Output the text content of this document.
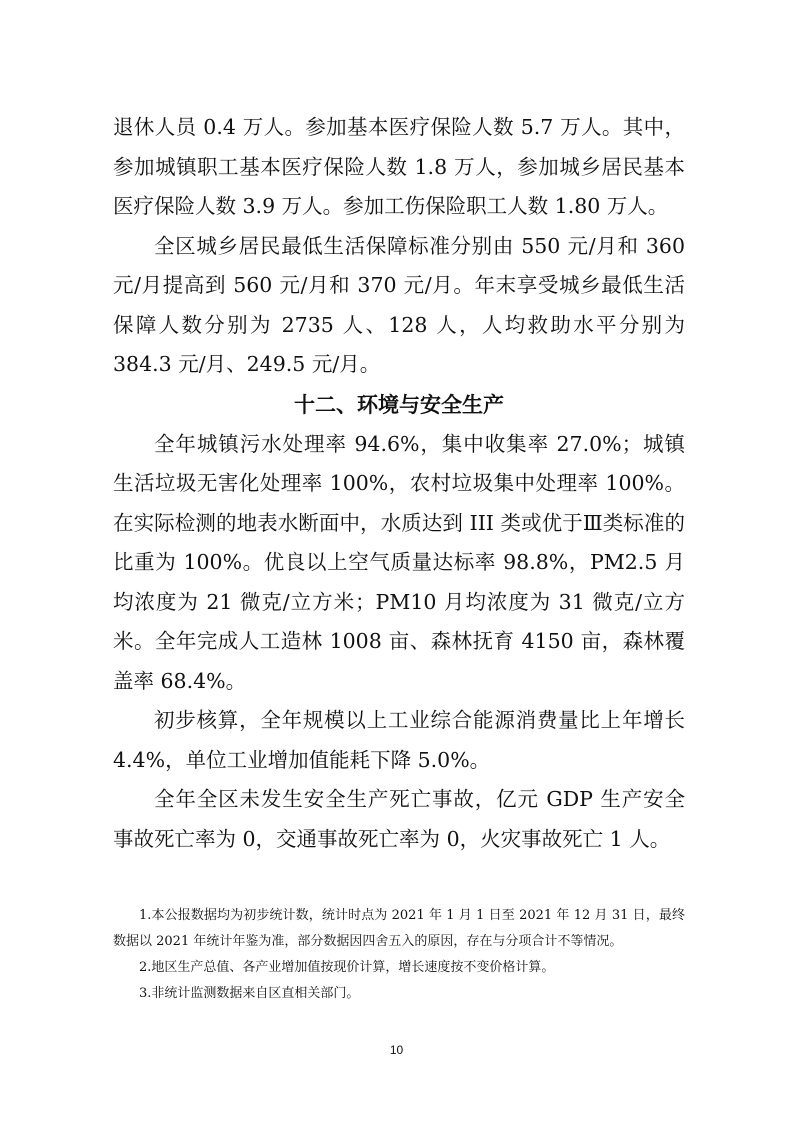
退休人员 0.4 万人。参加基本医疗保险人数 5.7 万人。其中，参加城镇职工基本医疗保险人数 1.8 万人，参加城乡居民基本医疗保险人数 3.9 万人。参加工伤保险职工人数 1.80 万人。

全区城乡居民最低生活保障标准分别由 550 元/月和 360 元/月提高到 560 元/月和 370 元/月。年末享受城乡最低生活保障人数分别为 2735 人、128 人，人均救助水平分别为 384.3 元/月、249.5 元/月。

十二、环境与安全生产

全年城镇污水处理率 94.6%，集中收集率 27.0%；城镇生活垃圾无害化处理率 100%，农村垃圾集中处理率 100%。在实际检测的地表水断面中，水质达到 III 类或优于Ⅲ类标准的比重为 100%。优良以上空气质量达标率 98.8%，PM2.5 月均浓度为 21 微克/立方米；PM10 月均浓度为 31 微克/立方米。全年完成人工造林 1008 亩、森林抚育 4150 亩，森林覆盖率 68.4%。

初步核算，全年规模以上工业综合能源消费量比上年增长 4.4%，单位工业增加值能耗下降 5.0%。

全年全区未发生安全生产死亡事故，亿元 GDP 生产安全事故死亡率为 0，交通事故死亡率为 0，火灾事故死亡 1 人。

1.本公报数据均为初步统计数，统计时点为 2021 年 1 月 1 日至 2021 年 12 月 31 日，最终数据以 2021 年统计年鉴为准，部分数据因四舍五入的原因，存在与分项合计不等情况。

2.地区生产总值、各产业增加值按现价计算，增长速度按不变价格计算。

3.非统计监测数据来自区直相关部门。

10
